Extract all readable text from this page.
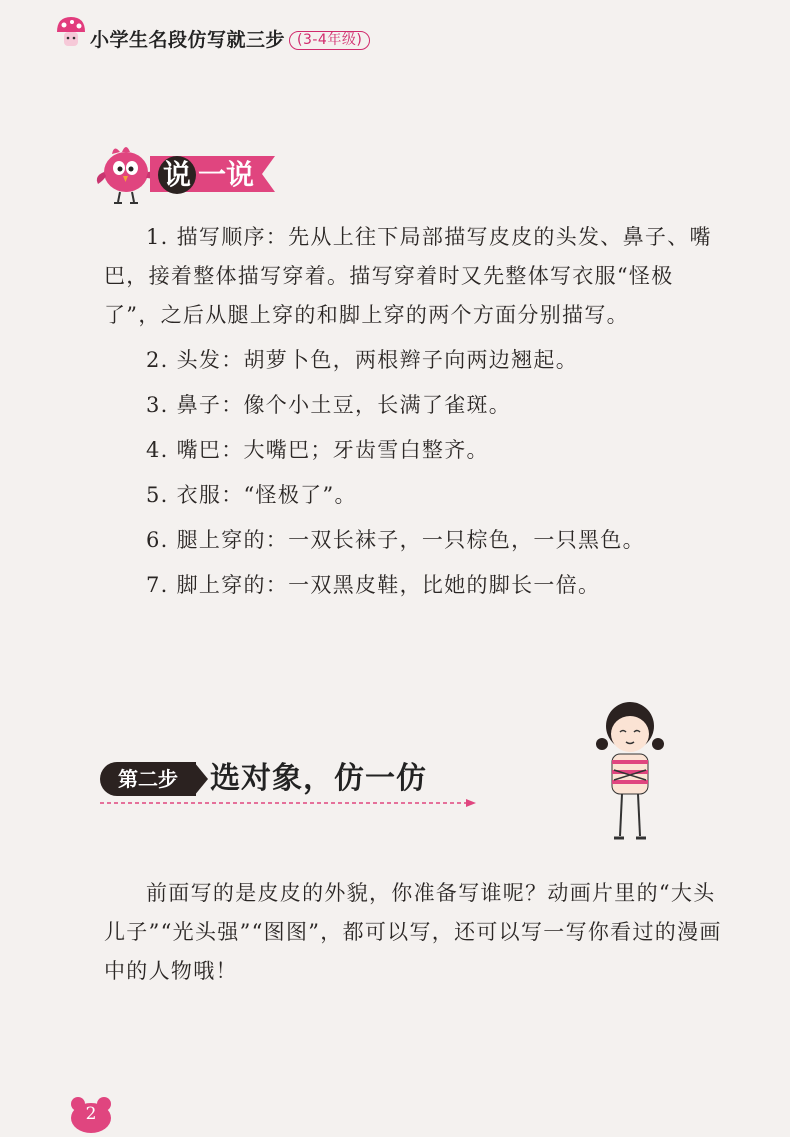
小学生名段仿写就三步 (3-4年级)
说 一说

1. 描写顺序：先从上往下局部描写皮皮的头发、鼻子、嘴巴，接着整体描写穿着。描写穿着时又先整体写衣服“怪极了”，之后从腿上穿的和脚上穿的两个方面分别描写。

2. 头发：胡萝卜色，两根辫子向两边翘起。

3. 鼻子：像个小土豆，长满了雀斑。

4. 嘴巴：大嘴巴；牙齿雪白整齐。

5. 衣服：“怪极了”。

6. 腿上穿的：一双长袜子，一只棕色，一只黑色。

7. 脚上穿的：一双黑皮鞋，比她的脚长一倍。

第二步	选对象，仿一仿

前面写的是皮皮的外貌，你准备写谁呢？动画片里的“大头儿子”“光头强”“图图”，都可以写，还可以写一写你看过的漫画中的人物哦！

2
